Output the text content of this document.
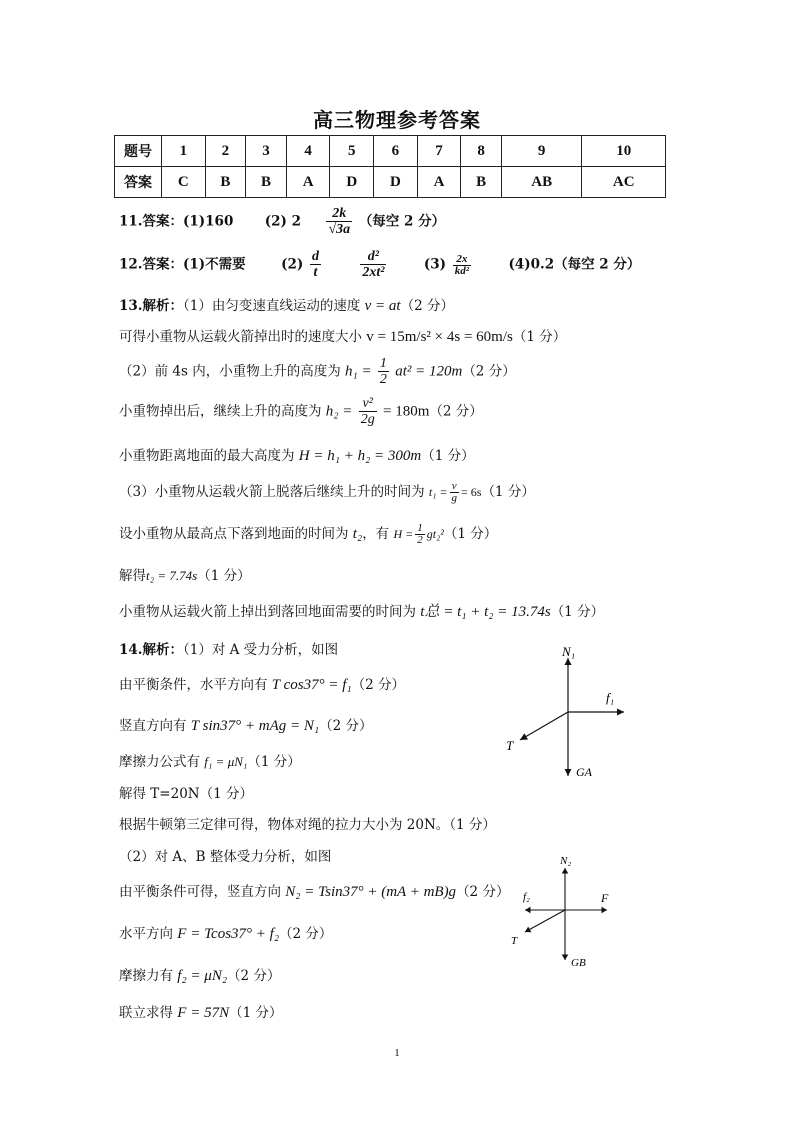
高三物理参考答案
题号	1	2	3	4	5	6	7	8	9	10
答案	C	B	B	A	D	D	A	B	AB	AC
11.答案：(1)160 (2) $2 \frac{2k}{√3a}$ （每空 2 分）
12.答案：(1)不需要	$(2) \frac{d}{t}$
	$\frac{\text{d²}}{\text{2xt²}}$	$(3) \frac{2x}{\text{kd²}}$	(4)0.2（每空 2 分）
13.解析：（1）由匀变速直线运动的速度 v = at（2 分）
可得小重物从运载火箭掉出时的速度大小 v = 15m/s² × 4s = 60m/s（1 分）
（2）前 4s 内，小重物上升的高度为 $h_1 = \frac{1}{2} at^2 = 120m(2$ 分）
小重物掉出后，继续上升的高度为 $h_2 = \frac{\text{v²}}{2g} = 180m(2$ 分）
小重物距离地面的最大高度为 H = h₁ + h₂ = 300m（1 分）
（3）小重物从运载火箭上脱落后继续上升的时间为 $t_1 = \frac{v}{g} = 6s(1$ 分）
设小重物从最高点下落到地面的时间为 t₂，有 $H = \frac{1}{2} gt_2^2(1$ 分）
解得t₂ = 7.74s（1 分）
小重物从运载火箭上掉出到落回地面需要的时间为 t总 = t₁ + t₂ = 13.74s（1 分）
14.解析：（1）对 A 受力分析，如图
由平衡条件，水平方向有 T cos37° = f₁（2 分）
竖直方向有 T sin37° + mAg = N₁（2 分）
摩擦力公式有 f₁ = μN₁（1 分）
解得 T=20N（1 分）
根据牛顿第三定律可得，物体对绳的拉力大小为 20N。（1 分）
（2）对 A、B 整体受力分析，如图
由平衡条件可得，竖直方向 N₂ = Tsin37° + (mA + mB)g（2 分）
水平方向 F = Tcos37° + f₂（2 分）
摩擦力有 f₂ = μN₂（2 分）
联立求得 F = 57N（1 分）
N₁
f₁
T
GA
N₂
f₂	F
T
GB
1
